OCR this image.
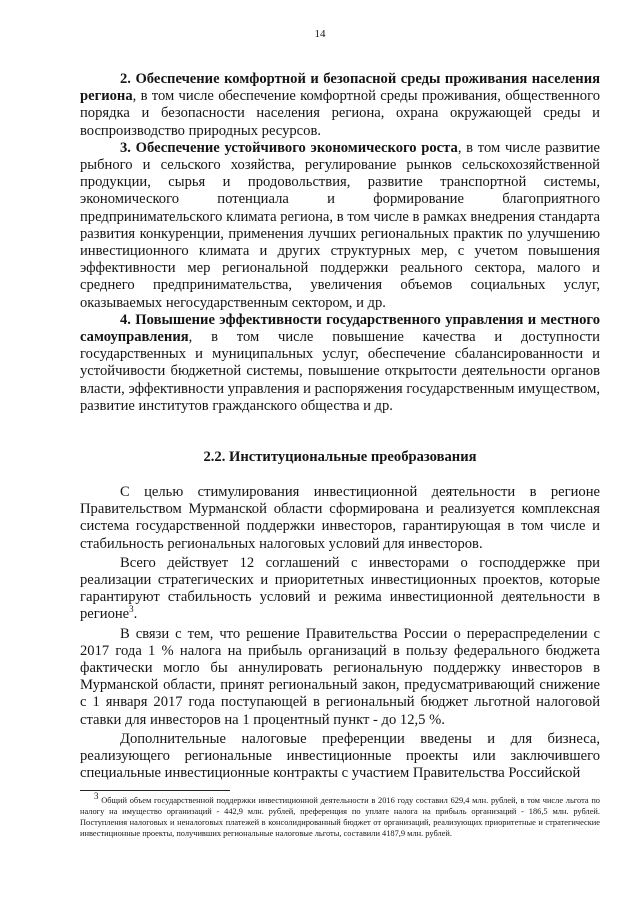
14

2. Обеспечение комфортной и безопасной среды проживания населения региона, в том числе обеспечение комфортной среды проживания, общественного порядка и безопасности населения региона, охрана окружающей среды и воспроизводство природных ресурсов.

3. Обеспечение устойчивого экономического роста, в том числе развитие рыбного и сельского хозяйства, регулирование рынков сельскохозяйственной продукции, сырья и продовольствия, развитие транспортной системы, экономического потенциала и формирование благоприятного предпринимательского климата региона, в том числе в рамках внедрения стандарта развития конкуренции, применения лучших региональных практик по улучшению инвестиционного климата и других структурных мер, с учетом повышения эффективности мер региональной поддержки реального сектора, малого и среднего предпринимательства, увеличения объемов социальных услуг, оказываемых негосударственным сектором, и др.

4. Повышение эффективности государственного управления и местного самоуправления, в том числе повышение качества и доступности государственных и муниципальных услуг, обеспечение сбалансированности и устойчивости бюджетной системы, повышение открытости деятельности органов власти, эффективности управления и распоряжения государственным имуществом, развитие институтов гражданского общества и др.

2.2. Институциональные преобразования

С целью стимулирования инвестиционной деятельности в регионе Правительством Мурманской области сформирована и реализуется комплексная система государственной поддержки инвесторов, гарантирующая в том числе и стабильность региональных налоговых условий для инвесторов.

Всего действует 12 соглашений с инвесторами о господдержке при реализации стратегических и приоритетных инвестиционных проектов, которые гарантируют стабильность условий и режима инвестиционной деятельности в регионе$^3$.

В связи с тем, что решение Правительства России о перераспределении с 2017 года 1 % налога на прибыль организаций в пользу федерального бюджета фактически могло бы аннулировать региональную поддержку инвесторов в Мурманской области, принят региональный закон, предусматривающий снижение с 1 января 2017 года поступающей в региональный бюджет льготной налоговой ставки для инвесторов на 1 процентный пункт - до 12,5 %.

Дополнительные налоговые преференции введены и для бизнеса, реализующего региональные инвестиционные проекты или заключившего специальные инвестиционные контракты с участием Правительства Российской

$^3$ Общий объем государственной поддержки инвестиционной деятельности в 2016 году составил 629,4 млн. рублей, в том числе льгота по налогу на имущество организаций - 442,9 млн. рублей, преференция по уплате налога на прибыль организаций - 186,5 млн. рублей. Поступления налоговых и неналоговых платежей в консолидированный бюджет от организаций, реализующих приоритетные и стратегические инвестиционные проекты, получивших региональные налоговые льготы, составили 4187,9 млн. рублей.
